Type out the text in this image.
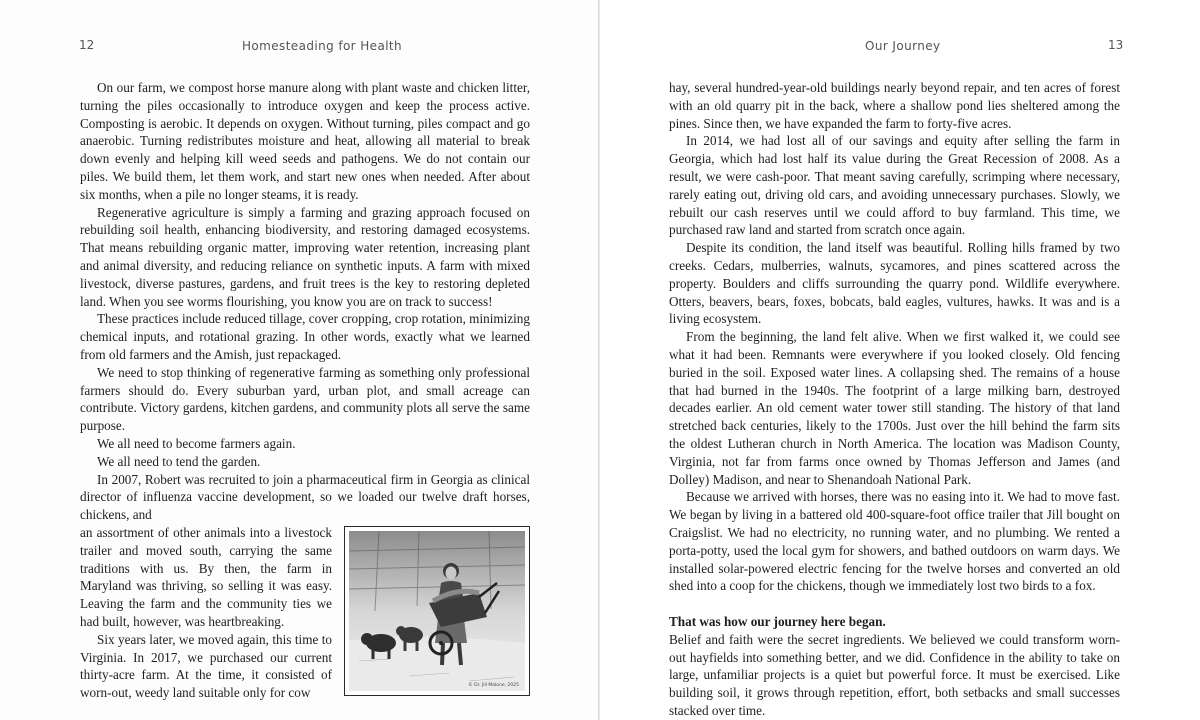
12	Homesteading for Health

On our farm, we compost horse manure along with plant waste and chicken litter, turning the piles occasionally to introduce oxygen and keep the process active. Composting is aerobic. It depends on oxygen. Without turning, piles compact and go anaerobic. Turning redistributes moisture and heat, allowing all material to break down evenly and helping kill weed seeds and pathogens. We do not contain our piles. We build them, let them work, and start new ones when needed. After about six months, when a pile no longer steams, it is ready.

Regenerative agriculture is simply a farming and grazing approach focused on rebuilding soil health, enhancing biodiversity, and restoring damaged ecosystems. That means rebuilding organic matter, improving water retention, increasing plant and animal diversity, and reducing reliance on synthetic inputs. A farm with mixed livestock, diverse pastures, gardens, and fruit trees is the key to restoring depleted land. When you see worms flourishing, you know you are on track to success!

These practices include reduced tillage, cover cropping, crop rotation, minimizing chemical inputs, and rotational grazing. In other words, exactly what we learned from old farmers and the Amish, just repackaged.

We need to stop thinking of regenerative farming as something only professional farmers should do. Every suburban yard, urban plot, and small acreage can contribute. Victory gardens, kitchen gardens, and community plots all serve the same purpose.

We all need to become farmers again.

We all need to tend the garden.

In 2007, Robert was recruited to join a pharmaceutical firm in Georgia as clinical director of influenza vaccine development, so we loaded our twelve draft horses, chickens, and

© Dr. Jill Malone, 2025

an assortment of other animals into a livestock trailer and moved south, carrying the same traditions with us. By then, the farm in Maryland was thriving, so selling it was easy. Leaving the farm and the community ties we had built, however, was heartbreaking.

Six years later, we moved again, this time to Virginia. In 2017, we purchased our current thirty-acre farm. At the time, it consisted of worn-out, weedy land suitable only for cow

Our Journey	13

hay, several hundred-year-old buildings nearly beyond repair, and ten acres of forest with an old quarry pit in the back, where a shallow pond lies sheltered among the pines. Since then, we have expanded the farm to forty-five acres.

In 2014, we had lost all of our savings and equity after selling the farm in Georgia, which had lost half its value during the Great Recession of 2008. As a result, we were cash-poor. That meant saving carefully, scrimping where necessary, rarely eating out, driving old cars, and avoiding unnecessary purchases. Slowly, we rebuilt our cash reserves until we could afford to buy farmland. This time, we purchased raw land and started from scratch once again.

Despite its condition, the land itself was beautiful. Rolling hills framed by two creeks. Cedars, mulberries, walnuts, sycamores, and pines scattered across the property. Boulders and cliffs surrounding the quarry pond. Wildlife everywhere. Otters, beavers, bears, foxes, bobcats, bald eagles, vultures, hawks. It was and is a living ecosystem.

From the beginning, the land felt alive. When we first walked it, we could see what it had been. Remnants were everywhere if you looked closely. Old fencing buried in the soil. Exposed water lines. A collapsing shed. The remains of a house that had burned in the 1940s. The footprint of a large milking barn, destroyed decades earlier. An old cement water tower still standing. The history of that land stretched back centuries, likely to the 1700s. Just over the hill behind the farm sits the oldest Lutheran church in North America. The location was Madison County, Virginia, not far from farms once owned by Thomas Jefferson and James (and Dolley) Madison, and near to Shenandoah National Park.

Because we arrived with horses, there was no easing into it. We had to move fast. We began by living in a battered old 400-square-foot office trailer that Jill bought on Craigslist. We had no electricity, no running water, and no plumbing. We rented a porta-potty, used the local gym for showers, and bathed outdoors on warm days. We installed solar-powered electric fencing for the twelve horses and converted an old shed into a coop for the chickens, though we immediately lost two birds to a fox.

That was how our journey here began.

Belief and faith were the secret ingredients. We believed we could transform worn-out hayfields into something better, and we did. Confidence in the ability to take on large, unfamiliar projects is a quiet but powerful force. It must be exercised. Like building soil, it grows through repetition, effort, both setbacks and small successes stacked over time.
